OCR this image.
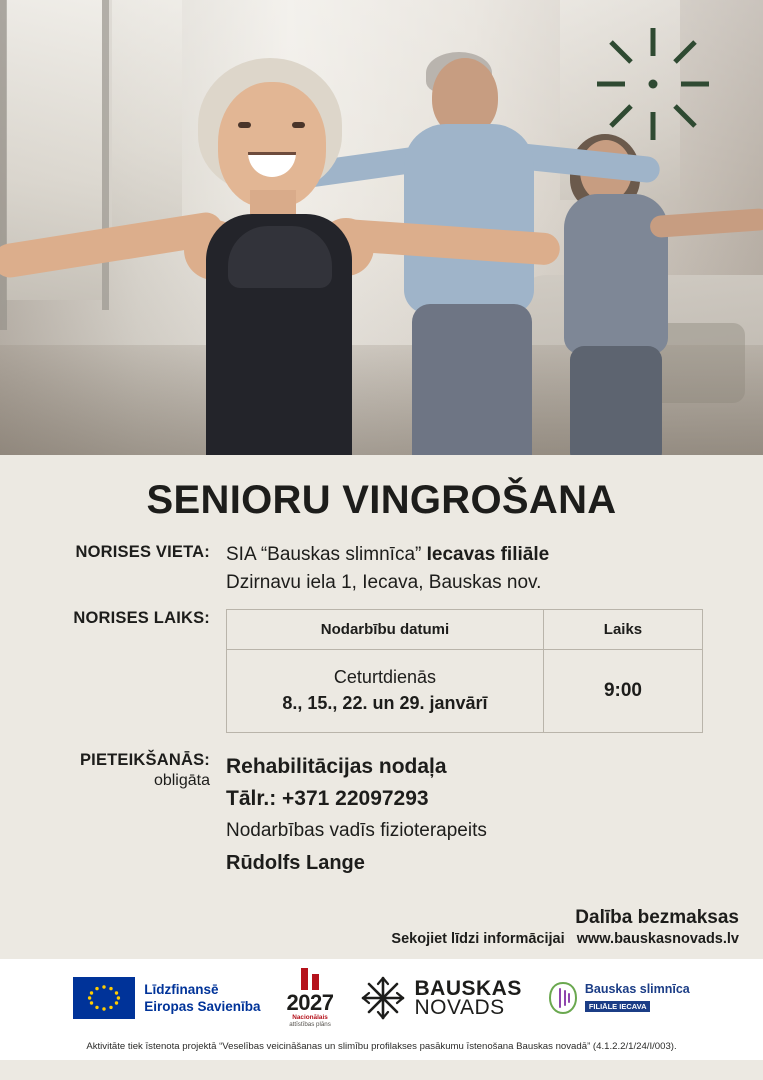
SENIORU VINGROŠANA
NORISES VIETA: SIA “Bauskas slimnīca” Iecavas filiāle
Dzirnavu iela 1, Iecava, Bauskas nov.
NORISES LAIKS:
Nodarbību datumi	Laiks

Ceturtdienās
8., 15., 22. un 29. janvārī	9:00
PIETEIKŠANĀS:
obligāta
Rehabilitācijas nodaļa
Tālr.: +371 22097293
Nodarbības vadīs fizioterapeits
Rūdolfs Lange
Dalība bezmaksas
Sekojiet līdzi informācijai www.bauskasnovads.lv
Līdzfinansē
Eiropas Savienība 2027
Nacionālais
attīstības plāns
BAUSKAS
NOVADS
Bauskas slimnīca
FILIĀLE IECAVA
Aktivitāte tiek īstenota projektā “Veselības veicināšanas un slimību profilakses pasākumu īstenošana Bauskas novadā” (4.1.2.2/1/24/I/003).
